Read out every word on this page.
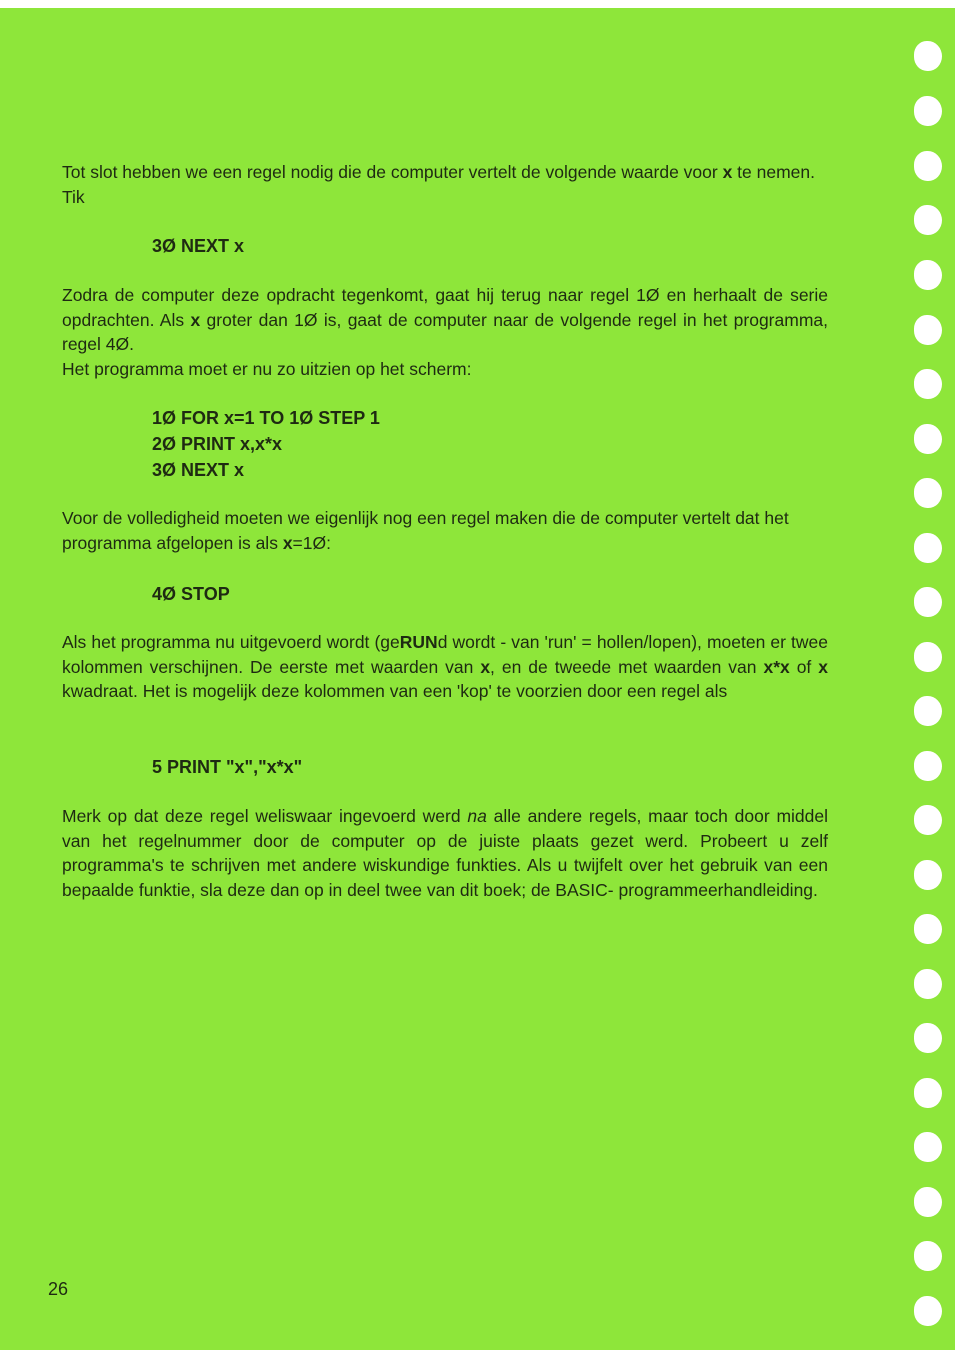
Tot slot hebben we een regel nodig die de computer vertelt de volgende waarde voor x te nemen. Tik

3Ø NEXT x

Zodra de computer deze opdracht tegenkomt, gaat hij terug naar regel 1Ø en herhaalt de serie opdrachten. Als x groter dan 1Ø is, gaat de computer naar de volgende regel in het programma, regel 4Ø.

Het programma moet er nu zo uitzien op het scherm:

1Ø FOR x=1 TO 1Ø STEP 1
2Ø PRINT x,x*x
3Ø NEXT x

Voor de volledigheid moeten we eigenlijk nog een regel maken die de computer vertelt dat het programma afgelopen is als x=1Ø:

4Ø STOP

Als het programma nu uitgevoerd wordt (geRUNd wordt - van 'run' = hollen/lopen), moeten er twee kolommen verschijnen. De eerste met waarden van x, en de tweede met waarden van x*x of x kwadraat. Het is mogelijk deze kolommen van een 'kop' te voorzien door een regel als

5 PRINT "x","x*x"

Merk op dat deze regel weliswaar ingevoerd werd na alle andere regels, maar toch door middel van het regelnummer door de computer op de juiste plaats gezet werd. Probeert u zelf programma's te schrijven met andere wiskundige funkties. Als u twijfelt over het gebruik van een bepaalde funktie, sla deze dan op in deel twee van dit boek; de BASIC- programmeerhandleiding.

26
